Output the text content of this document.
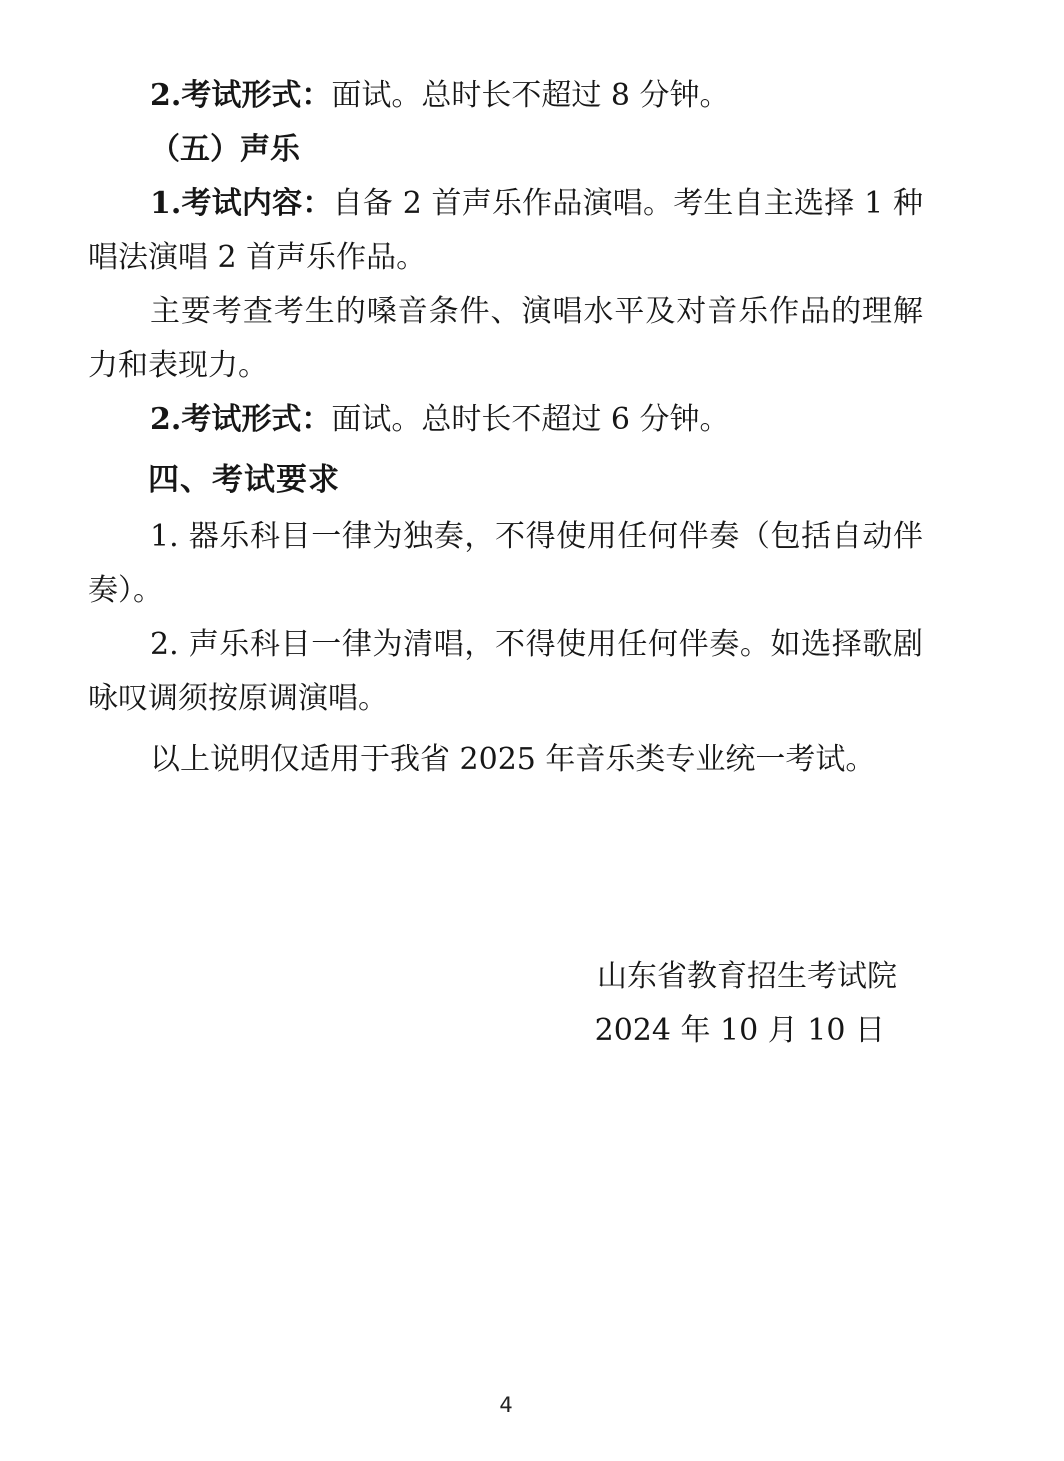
2.考试形式：面试。总时长不超过 8 分钟。

（五）声乐

1.考试内容：自备 2 首声乐作品演唱。考生自主选择 1 种唱法演唱 2 首声乐作品。

主要考查考生的嗓音条件、演唱水平及对音乐作品的理解力和表现力。

2.考试形式：面试。总时长不超过 6 分钟。

四、考试要求

1. 器乐科目一律为独奏，不得使用任何伴奏（包括自动伴奏）。

2. 声乐科目一律为清唱，不得使用任何伴奏。如选择歌剧咏叹调须按原调演唱。

以上说明仅适用于我省 2025 年音乐类专业统一考试。

山东省教育招生考试院

2024 年 10 月 10 日

4
